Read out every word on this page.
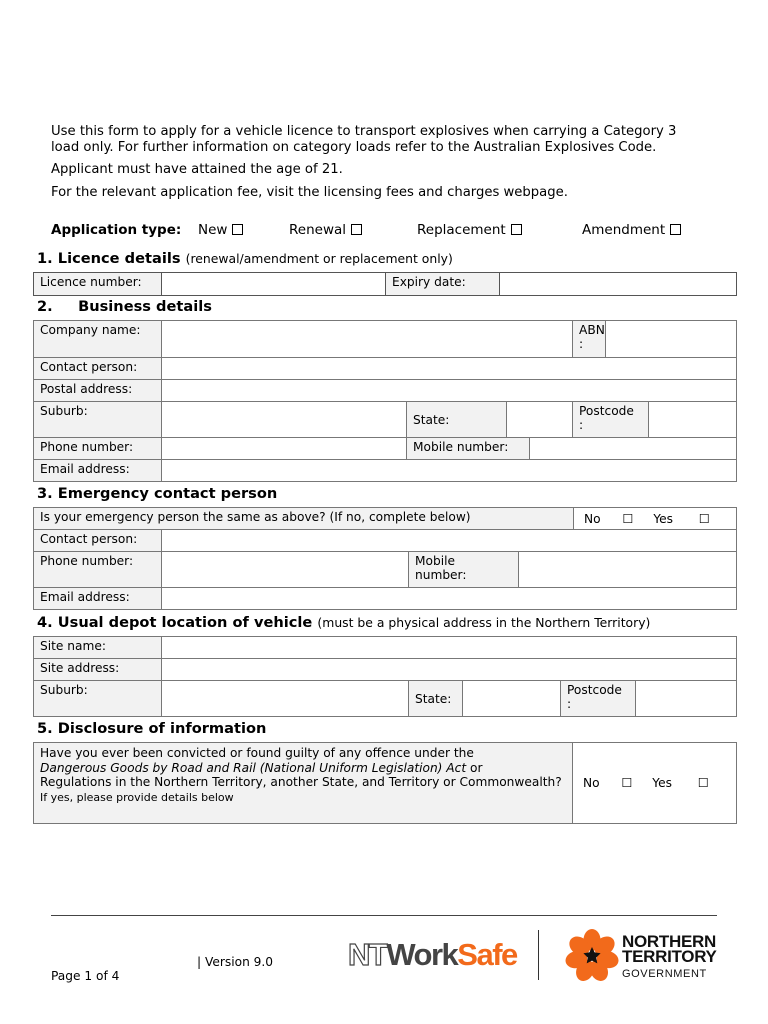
Use this form to apply for a vehicle licence to transport explosives when carrying a Category 3 load only. For further information on category loads refer to the Australian Explosives Code.

Applicant must have attained the age of 21.

For the relevant application fee, visit the licensing fees and charges webpage.

Application type: New	Renewal	Replacement	Amendment
1. Licence details (renewal/amendment or replacement only)
Licence number:		Expiry date:	
2.     Business details
Company name:					ABN
:		
Contact person:							
Postal address:							
Suburb:		State:			Postcode
:		
Phone number:		Mobile number:					
Email address:							
3. Emergency contact person
Is your emergency person the same as above? (If no, complete below)				No ☐ Yes ☐
Contact person:				
Phone number:		Mobile
number:		
Email address:				
4. Usual depot location of vehicle (must be a physical address in the Northern Territory)
Site name:					
Site address:					
Suburb:		State:		Postcode
:	
5. Disclosure of information
Have you ever been convicted or found guilty of any offence under the
Dangerous Goods by Road and Rail (National Uniform Legislation) Act or
Regulations in the Northern Territory, another State, and Territory or Commonwealth?
If yes, please provide details below	No ☐ Yes ☐
| Version 9.0
Page 1 of 4
NTWorkSafe	NORTHERN
TERRITORY
GOVERNMENT
